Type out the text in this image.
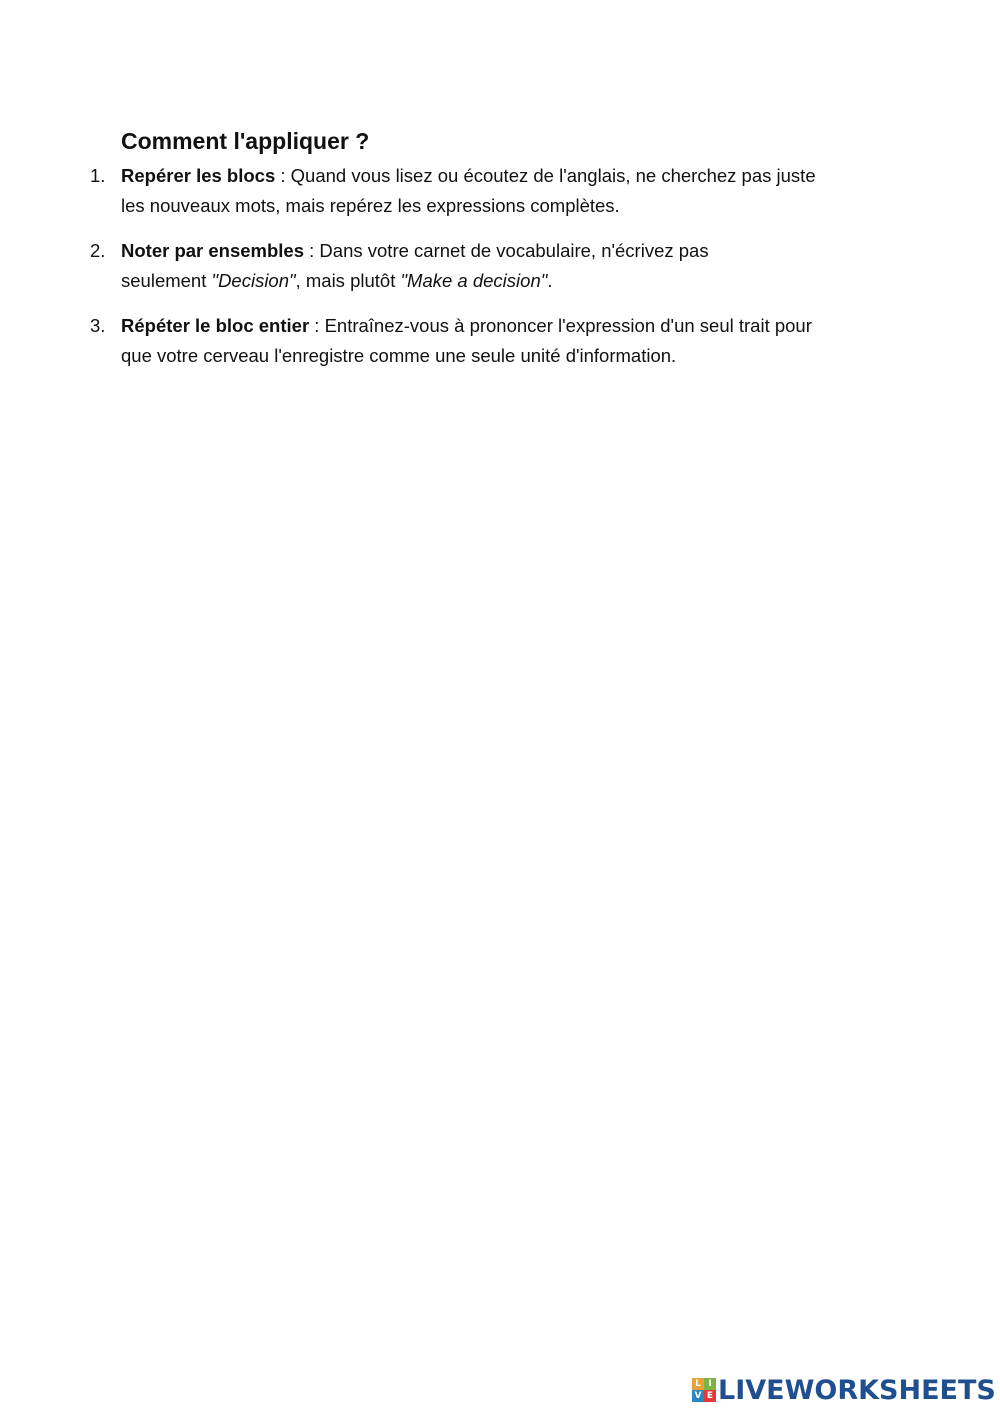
Comment l'appliquer ?
1. Repérer les blocs : Quand vous lisez ou écoutez de l'anglais, ne cherchez pas juste
les nouveaux mots, mais repérez les expressions complètes.
2. Noter par ensembles : Dans votre carnet de vocabulaire, n'écrivez pas
seulement "Decision", mais plutôt "Make a decision".
3. Répéter le bloc entier : Entraînez-vous à prononcer l'expression d'un seul trait pour
que votre cerveau l'enregistre comme une seule unité d'information.
L I
V E LIVEWORKSHEETS
